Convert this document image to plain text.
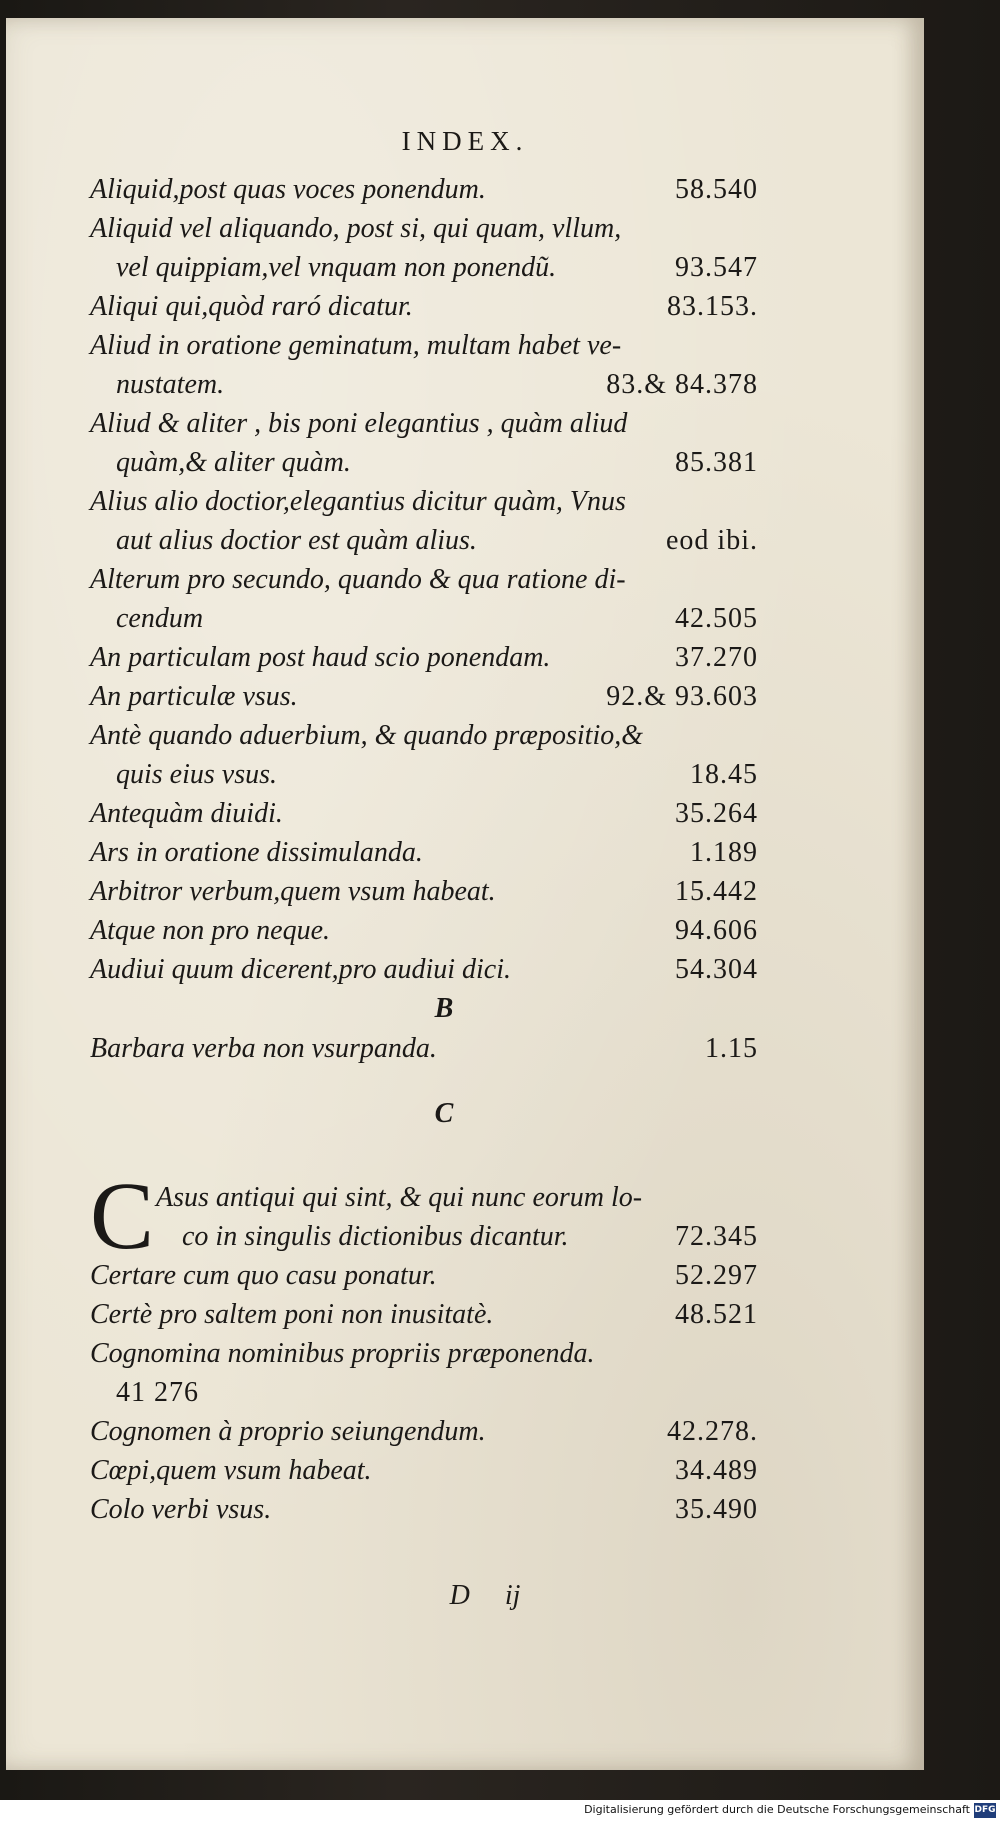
INDEX.
Aliquid,post quas voces ponendum.	58.540
Aliquid vel aliquando, post si, qui quam, vllum,
vel quippiam,vel vnquam non ponendũ.	93.547
Aliqui qui,quòd raró dicatur.	83.153.
Aliud in oratione geminatum, multam habet ve-
nustatem.	83.& 84.378
Aliud & aliter , bis poni elegantius , quàm aliud
quàm,& aliter quàm.	85.381
Alius alio doctior,elegantius dicitur quàm, Vnus
aut alius doctior est quàm alius.	eod ibi.
Alterum pro secundo, quando & qua ratione di-
cendum	42.505
An particulam post haud scio ponendam.	37.270
An particulæ vsus.	92.& 93.603
Antè quando aduerbium, & quando præpositio,&
quis eius vsus.	18.45
Antequàm diuidi.	35.264
Ars in oratione dissimulanda.	1.189
Arbitror verbum,quem vsum habeat.	15.442
Atque non pro neque.	94.606
Audiui quum dicerent,pro audiui dici.	54.304
B
Barbara verba non vsurpanda.	1.15
C
C Asus antiqui qui sint, & qui nunc eorum lo-
co in singulis dictionibus dicantur.	72.345
Certare cum quo casu ponatur.	52.297
Certè pro saltem poni non inusitatè.	48.521
Cognomina nominibus propriis præponenda.
41 276
Cognomen à proprio seiungendum.	42.278.
Cœpi,quem vsum habeat.	34.489
Colo verbi vsus.	35.490
D ij
Digitalisierung gefördert durch die Deutsche Forschungsgemeinschaft DFG
